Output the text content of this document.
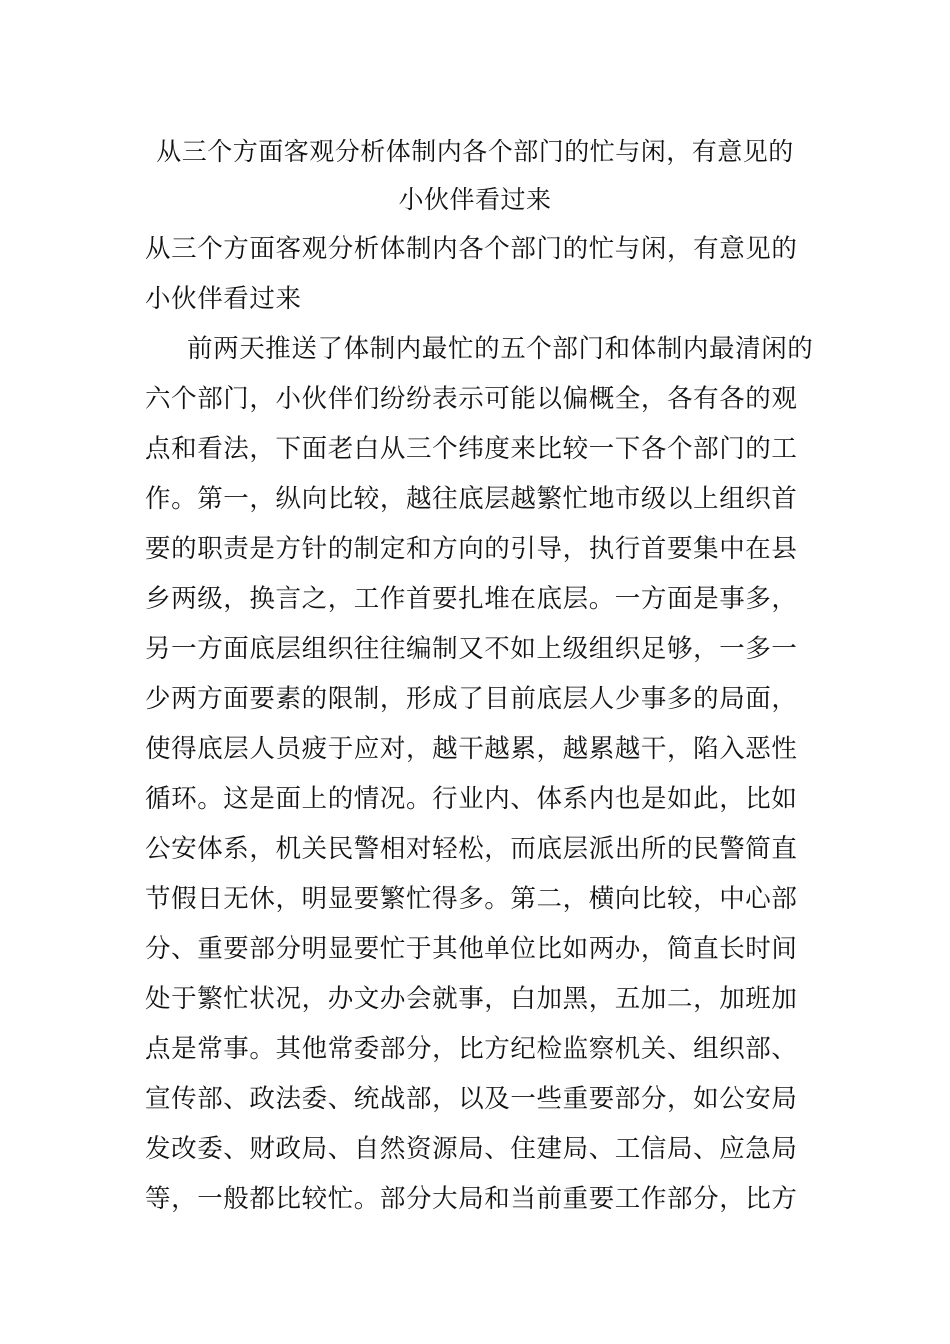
从三个方面客观分析体制内各个部门的忙与闲，有意见的
小伙伴看过来
从三个方面客观分析体制内各个部门的忙与闲，有意见的
小伙伴看过来
前两天推送了体制内最忙的五个部门和体制内最清闲的
六个部门，小伙伴们纷纷表示可能以偏概全，各有各的观
点和看法，下面老白从三个纬度来比较一下各个部门的工
作。第一，纵向比较，越往底层越繁忙地市级以上组织首
要的职责是方针的制定和方向的引导，执行首要集中在县
乡两级，换言之，工作首要扎堆在底层。一方面是事多，
另一方面底层组织往往编制又不如上级组织足够，一多一
少两方面要素的限制，形成了目前底层人少事多的局面，
使得底层人员疲于应对，越干越累，越累越干，陷入恶性
循环。这是面上的情况。行业内、体系内也是如此，比如
公安体系，机关民警相对轻松，而底层派出所的民警简直
节假日无休，明显要繁忙得多。第二，横向比较，中心部
分、重要部分明显要忙于其他单位比如两办，简直长时间
处于繁忙状况，办文办会就事，白加黑，五加二，加班加
点是常事。其他常委部分，比方纪检监察机关、组织部、
宣传部、政法委、统战部，以及一些重要部分，如公安局
发改委、财政局、自然资源局、住建局、工信局、应急局
等，一般都比较忙。部分大局和当前重要工作部分，比方
